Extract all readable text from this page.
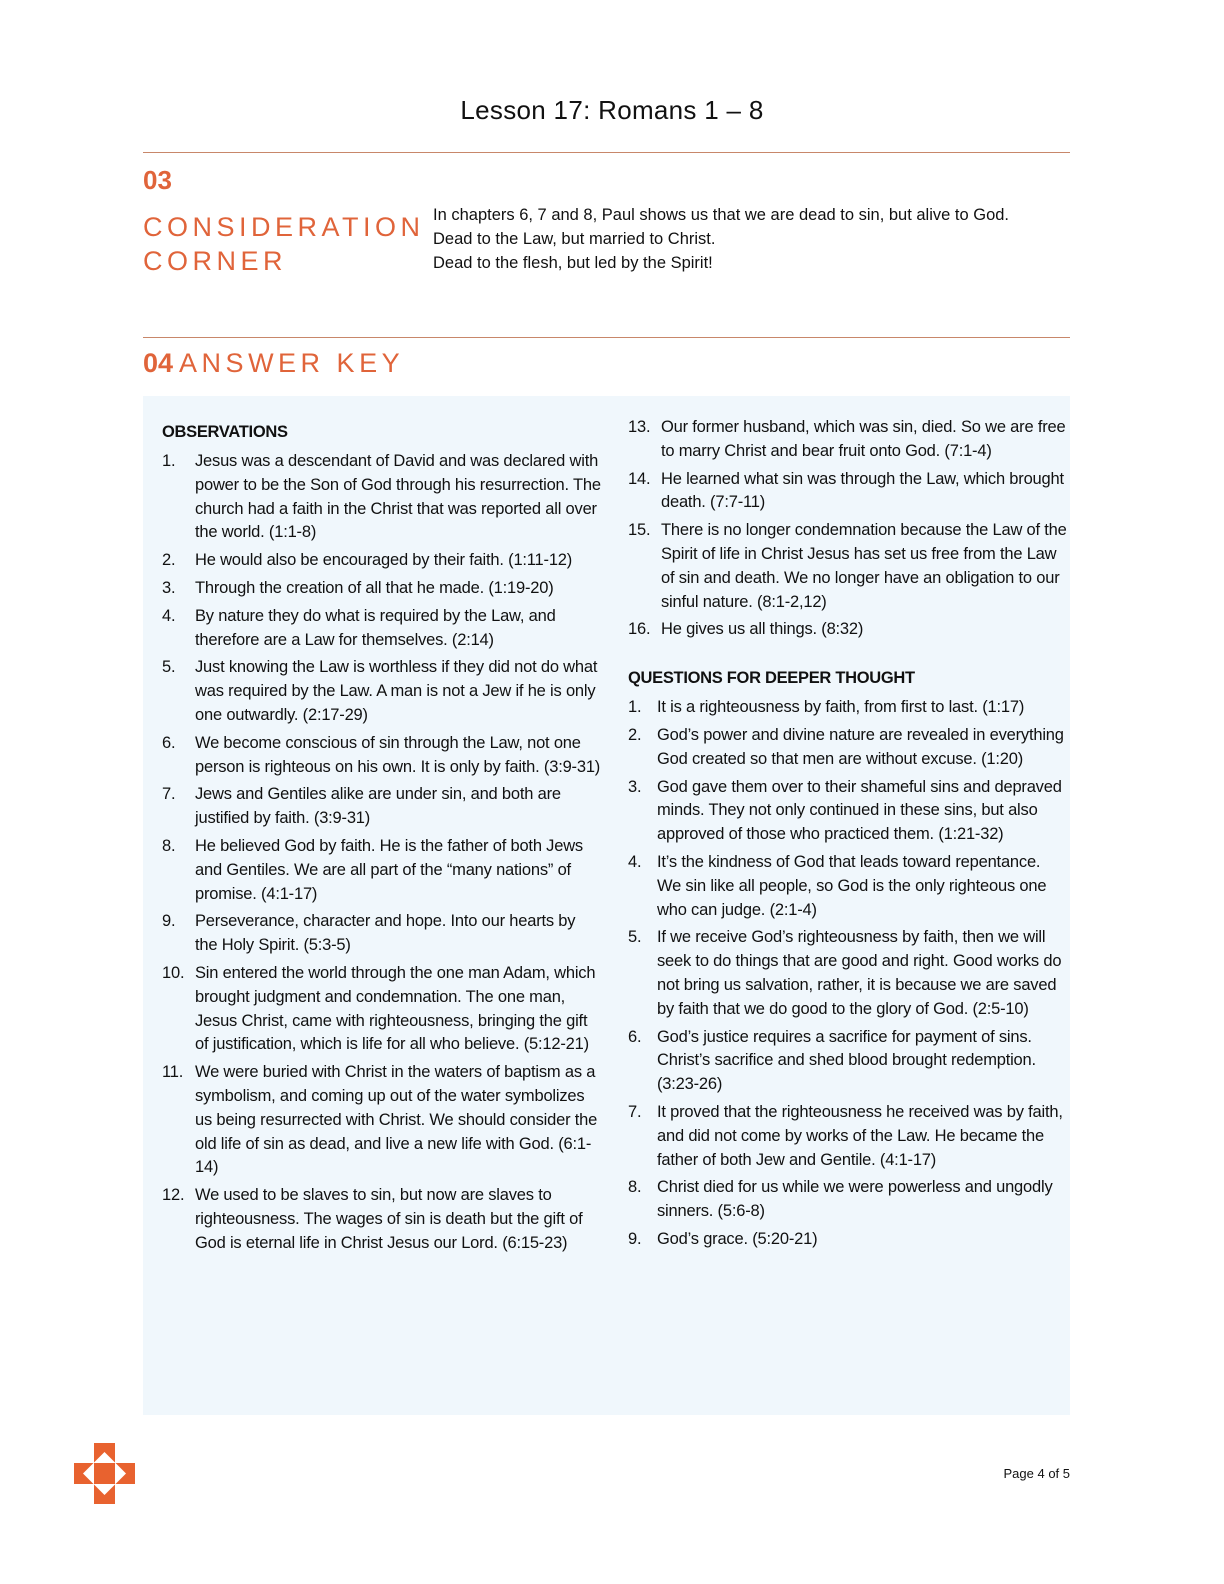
Lesson 17: Romans 1 – 8
03
CONSIDERATION
CORNER
In chapters 6, 7 and 8, Paul shows us that we are dead to sin, but alive to God.
Dead to the Law, but married to Christ.
Dead to the flesh, but led by the Spirit!
04 ANSWER KEY
OBSERVATIONS
1. Jesus was a descendant of David and was declared with power to be the Son of God through his resurrection. The church had a faith in the Christ that was reported all over the world. (1:1-8)
2. He would also be encouraged by their faith. (1:11-12)
3. Through the creation of all that he made. (1:19-20)
4. By nature they do what is required by the Law, and therefore are a Law for themselves. (2:14)
5. Just knowing the Law is worthless if they did not do what was required by the Law. A man is not a Jew if he is only one outwardly. (2:17-29)
6. We become conscious of sin through the Law, not one person is righteous on his own. It is only by faith. (3:9-31)
7. Jews and Gentiles alike are under sin, and both are justified by faith. (3:9-31)
8. He believed God by faith. He is the father of both Jews and Gentiles. We are all part of the “many nations” of promise. (4:1-17)
9. Perseverance, character and hope. Into our hearts by the Holy Spirit. (5:3-5)
10. Sin entered the world through the one man Adam, which brought judgment and condemnation. The one man, Jesus Christ, came with righteousness, bringing the gift of justification, which is life for all who believe. (5:12-21)
11. We were buried with Christ in the waters of baptism as a symbolism, and coming up out of the water symbolizes us being resurrected with Christ. We should consider the old life of sin as dead, and live a new life with God. (6:1-14)
12. We used to be slaves to sin, but now are slaves to righteousness. The wages of sin is death but the gift of God is eternal life in Christ Jesus our Lord. (6:15-23)
13. Our former husband, which was sin, died. So we are free to marry Christ and bear fruit onto God. (7:1-4)
14. He learned what sin was through the Law, which brought death. (7:7-11)
15. There is no longer condemnation because the Law of the Spirit of life in Christ Jesus has set us free from the Law of sin and death. We no longer have an obligation to our sinful nature. (8:1-2,12)
16. He gives us all things. (8:32)
QUESTIONS FOR DEEPER THOUGHT
1. It is a righteousness by faith, from first to last. (1:17)
2. God’s power and divine nature are revealed in everything God created so that men are without excuse. (1:20)
3. God gave them over to their shameful sins and depraved minds. They not only continued in these sins, but also approved of those who practiced them. (1:21-32)
4. It’s the kindness of God that leads toward repentance. We sin like all people, so God is the only righteous one who can judge. (2:1-4)
5. If we receive God’s righteousness by faith, then we will seek to do things that are good and right. Good works do not bring us salvation, rather, it is because we are saved by faith that we do good to the glory of God. (2:5-10)
6. God’s justice requires a sacrifice for payment of sins. Christ’s sacrifice and shed blood brought redemption. (3:23-26)
7. It proved that the righteousness he received was by faith, and did not come by works of the Law. He became the father of both Jew and Gentile. (4:1-17)
8. Christ died for us while we were powerless and ungodly sinners. (5:6-8)
9. God’s grace. (5:20-21)
Page 4 of 5
